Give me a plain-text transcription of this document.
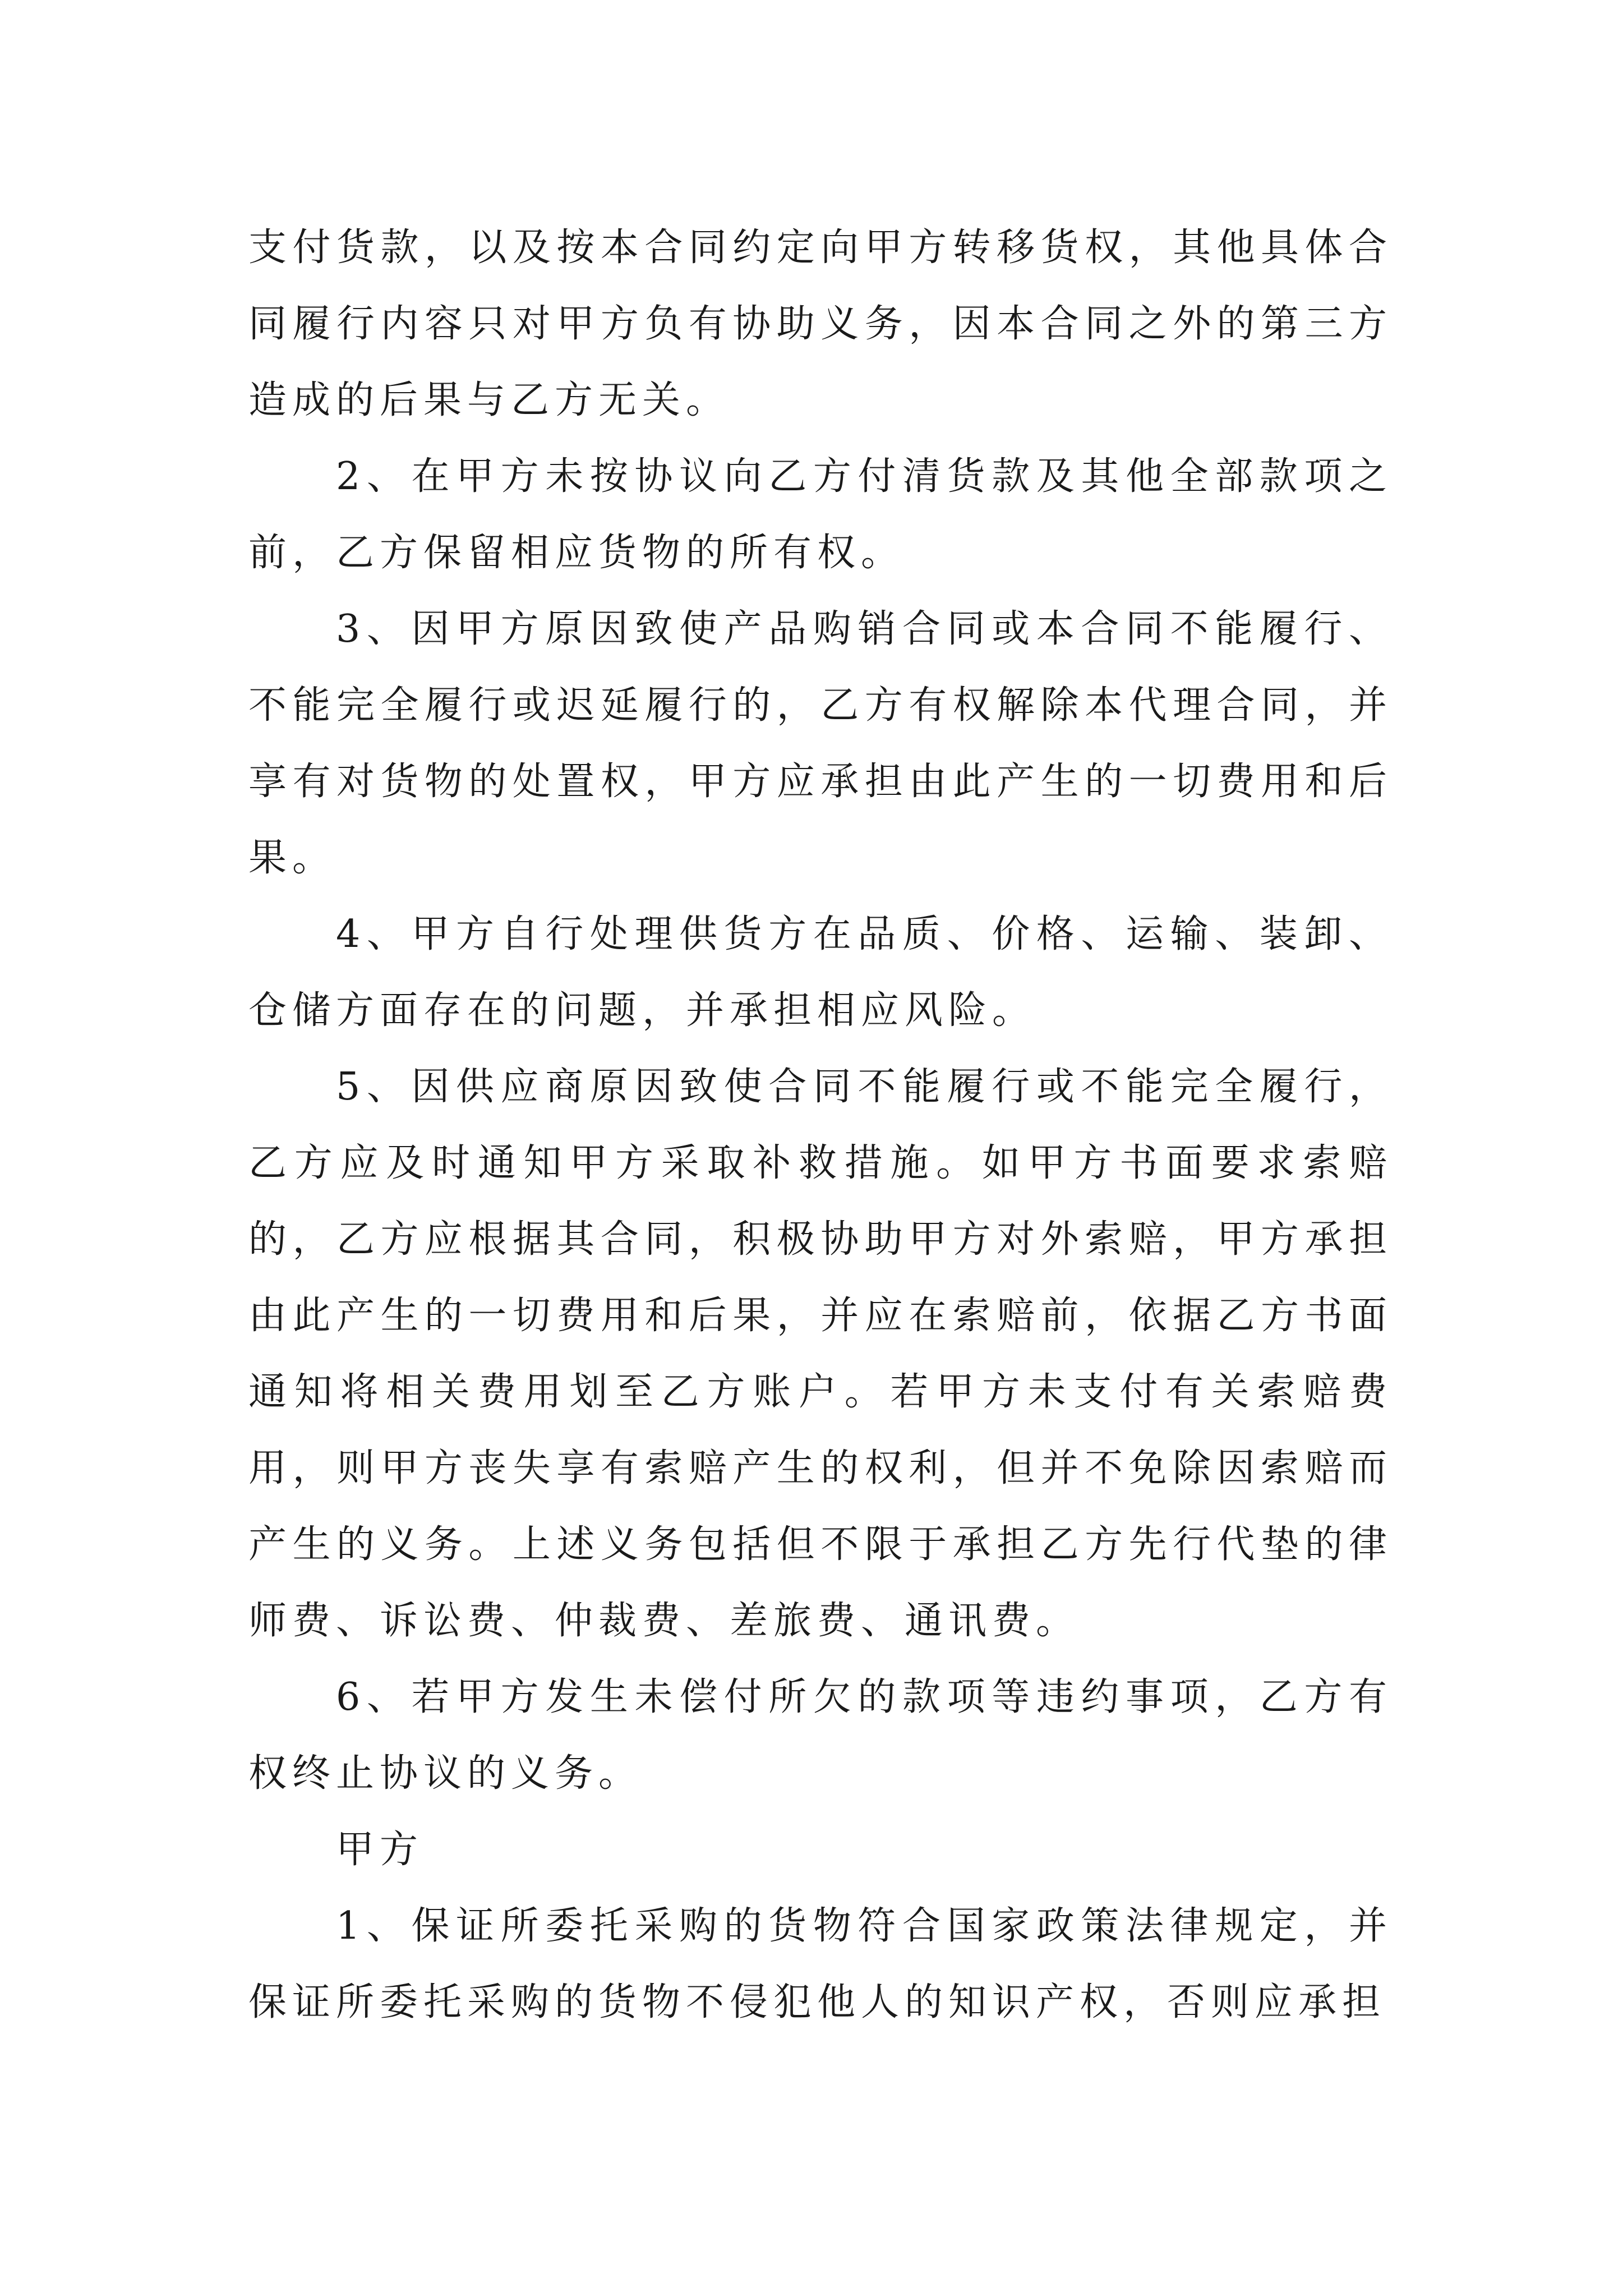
支付货款，以及按本合同约定向甲方转移货权，其他具体合同履行内容只对甲方负有协助义务，因本合同之外的第三方造成的后果与乙方无关。

2、在甲方未按协议向乙方付清货款及其他全部款项之前，乙方保留相应货物的所有权。

3、因甲方原因致使产品购销合同或本合同不能履行、不能完全履行或迟延履行的，乙方有权解除本代理合同，并享有对货物的处置权，甲方应承担由此产生的一切费用和后果。

4、甲方自行处理供货方在品质、价格、运输、装卸、仓储方面存在的问题，并承担相应风险。

5、因供应商原因致使合同不能履行或不能完全履行，乙方应及时通知甲方采取补救措施。如甲方书面要求索赔的，乙方应根据其合同，积极协助甲方对外索赔，甲方承担由此产生的一切费用和后果，并应在索赔前，依据乙方书面通知将相关费用划至乙方账户。若甲方未支付有关索赔费用，则甲方丧失享有索赔产生的权利，但并不免除因索赔而产生的义务。上述义务包括但不限于承担乙方先行代垫的律师费、诉讼费、仲裁费、差旅费、通讯费。

6、若甲方发生未偿付所欠的款项等违约事项，乙方有权终止协议的义务。

甲方

1、保证所委托采购的货物符合国家政策法律规定，并保证所委托采购的货物不侵犯他人的知识产权，否则应承担
